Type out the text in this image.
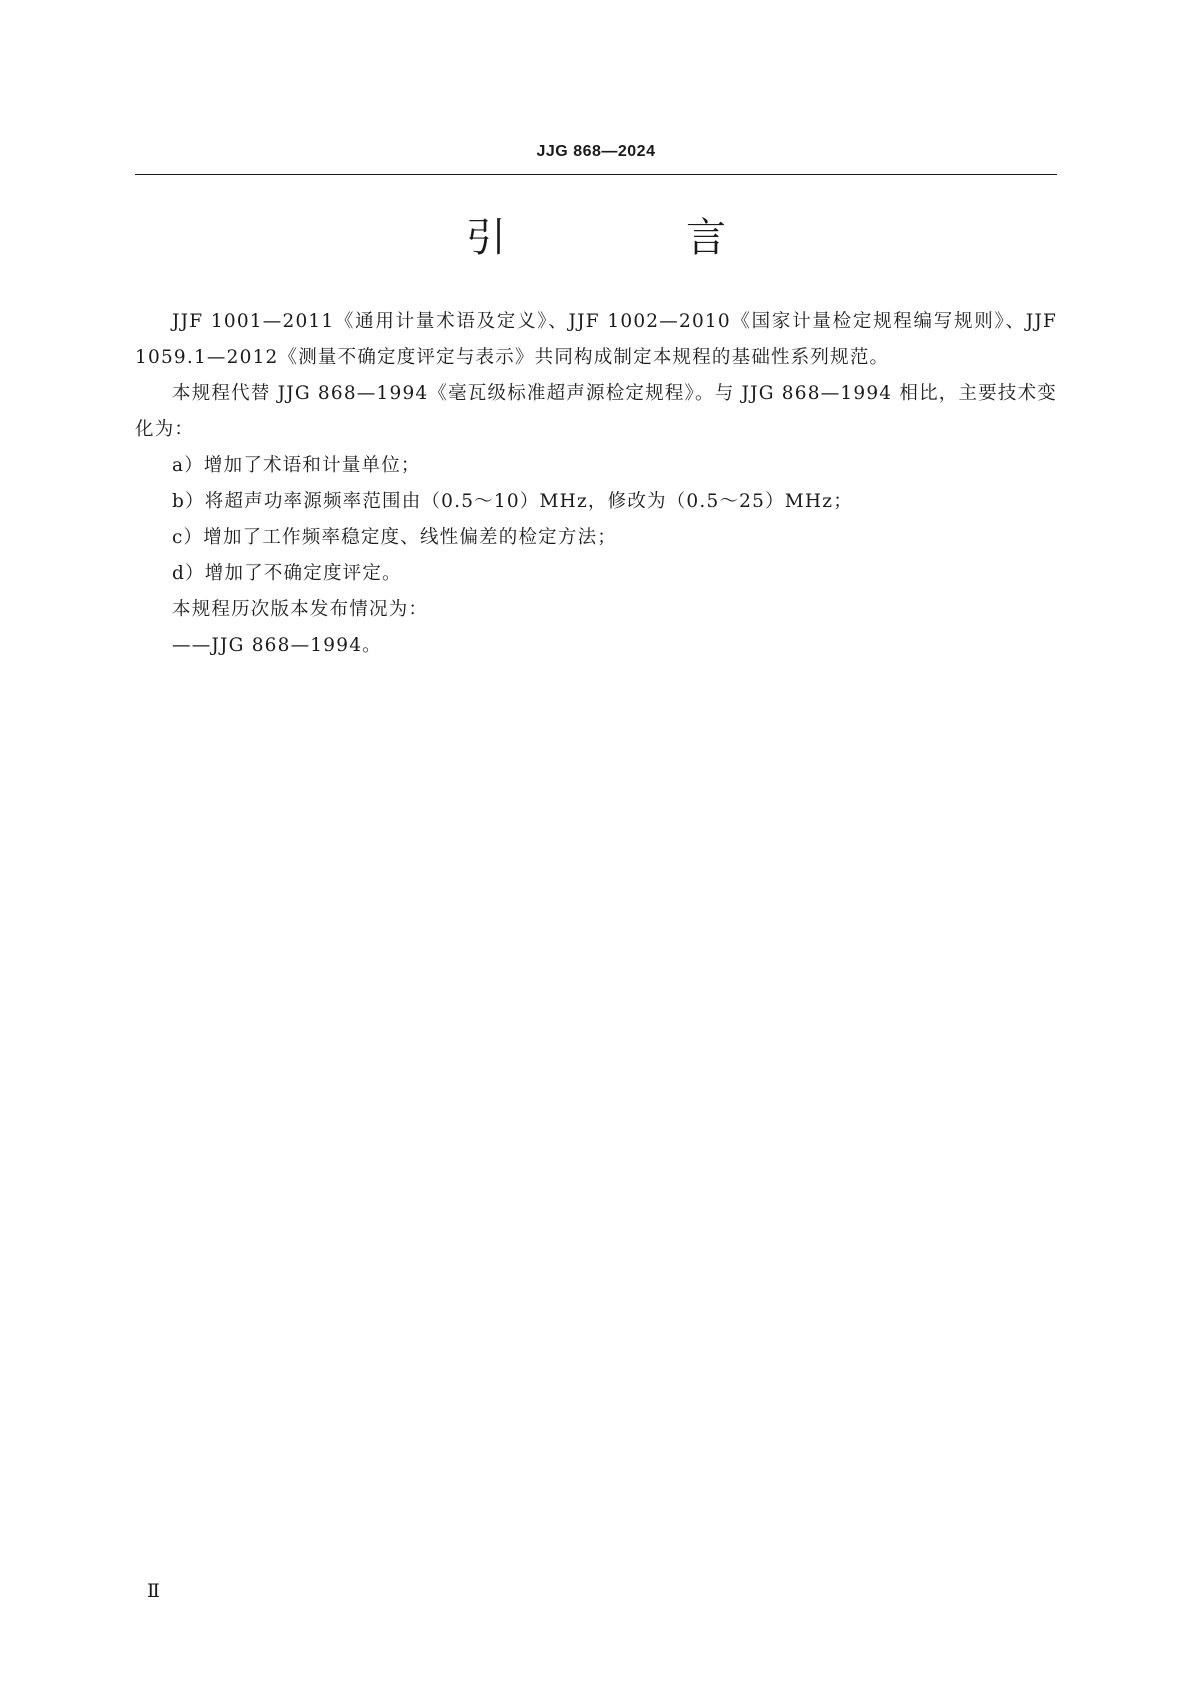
JJG 868—2024
引　言

JJF 1001—2011《通用计量术语及定义》、JJF 1002—2010《国家计量检定规程编写规则》、JJF 1059.1—2012《测量不确定度评定与表示》共同构成制定本规程的基础性系列规范。

本规程代替 JJG 868—1994《毫瓦级标准超声源检定规程》。与 JJG 868—1994 相比，主要技术变化为：

a）增加了术语和计量单位；

b）将超声功率源频率范围由（0.5～10）MHz，修改为（0.5～25）MHz；

c）增加了工作频率稳定度、线性偏差的检定方法；

d）增加了不确定度评定。

本规程历次版本发布情况为：

——JJG 868—1994。

Ⅱ
